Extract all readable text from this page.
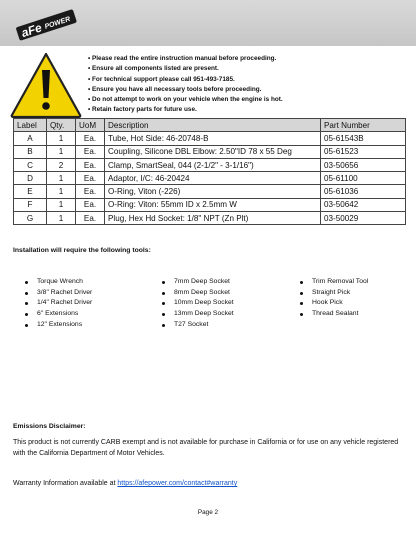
aFe POWER
• Please read the entire instruction manual before proceeding.
• Ensure all components listed are present.
• For technical support please call 951-493-7185.
• Ensure you have all necessary tools before proceeding.
• Do not attempt to work on your vehicle when the engine is hot.
• Retain factory parts for future use.
Label	Qty.	UoM	Description	Part Number
A	1	Ea.	Tube, Hot Side: 46-20748-B	05-61543B
B	1	Ea.	Coupling, Silicone DBL Elbow: 2.50"ID 78 x 55 Deg	05-61523
C	2	Ea.	Clamp, SmartSeal, 044 (2-1/2" - 3-1/16")	03-50656
D	1	Ea.	Adaptor, I/C: 46-20424	05-61100
E	1	Ea.	O-Ring, Viton (-226)	05-61036
F	1	Ea.	O-Ring: Viton: 55mm ID x 2.5mm W	03-50642
G	1	Ea.	Plug, Hex Hd Socket: 1/8" NPT (Zn Plt)	03-50029
Installation will require the following tools:
Torque Wrench
3/8" Rachet Driver
1/4" Rachet Driver
6" Extensions
12" Extensions
7mm Deep Socket
8mm Deep Socket
10mm Deep Socket
13mm Deep Socket
T27 Socket
Trim Removal Tool
Straight Pick
Hook Pick
Thread Sealant
Emissions Disclaimer:
This product is not currently CARB exempt and is not available for purchase in California or for use on any vehicle registered with the California Department of Motor Vehicles.
Warranty Information available at https://afepower.com/contact#warranty
Page 2
